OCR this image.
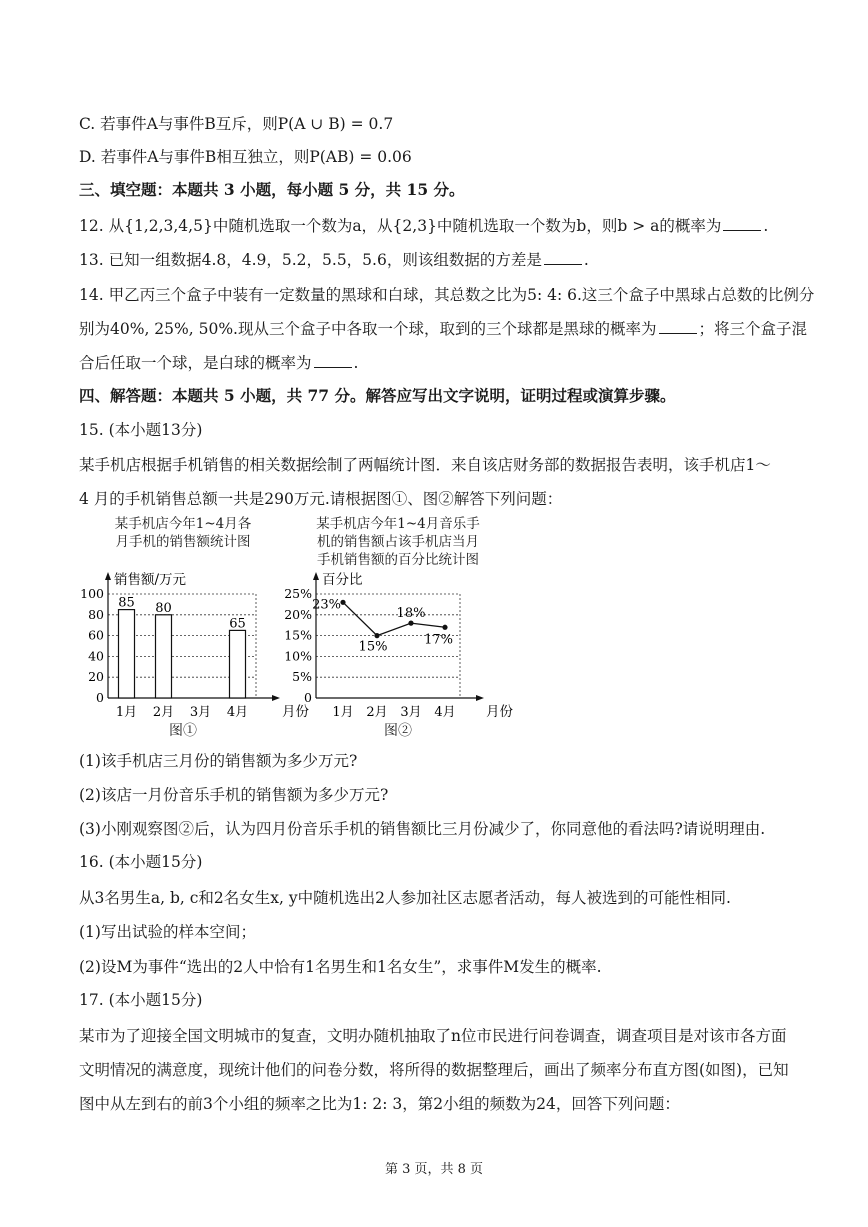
C. 若事件A与事件B互斥，则P(A ∪ B) = 0.7
D. 若事件A与事件B相互独立，则P(AB) = 0.06
三、填空题：本题共 3 小题，每小题 5 分，共 15 分。
12. 从{1,2,3,4,5}中随机选取一个数为a，从{2,3}中随机选取一个数为b，则b > a的概率为	.
13. 已知一组数据4.8，4.9，5.2，5.5，5.6，则该组数据的方差是	.
14. 甲乙丙三个盒子中装有一定数量的黑球和白球，其总数之比为5: 4: 6.这三个盒子中黑球占总数的比例分
别为40%, 25%, 50%.现从三个盒子中各取一个球，取到的三个球都是黑球的概率为	；将三个盒子混
合后任取一个球，是白球的概率为	.
四、解答题：本题共 5 小题，共 77 分。解答应写出文字说明，证明过程或演算步骤。
15. (本小题13分)
某手机店根据手机销售的相关数据绘制了两幅统计图．来自该店财务部的数据报告表明，该手机店1～
4 月的手机销售总额一共是290万元.请根据图①、图②解答下列问题：
某手机店今年1~4月各
月手机的销售额统计图
某手机店今年1~4月音乐手
机的销售额占该手机店当月
手机销售额的百分比统计图
0
20
40
60
80
100
销售额/万元
月份
1月 2月 3月 4月
85 80
65
0
5%
10%
15%
20%
25%
百分比
月份
1月 2月 3月 4月
23%
15%
18%
17%
(1)该手机店三月份的销售额为多少万元?
(2)该店一月份音乐手机的销售额为多少万元?
(3)小刚观察图②后，认为四月份音乐手机的销售额比三月份减少了，你同意他的看法吗?请说明理由.
16. (本小题15分)
从3名男生a, b, c和2名女生x, y中随机选出2人参加社区志愿者活动，每人被选到的可能性相同.
(1)写出试验的样本空间；
(2)设M为事件“选出的2人中恰有1名男生和1名女生”，求事件M发生的概率.
17. (本小题15分)
某市为了迎接全国文明城市的复查，文明办随机抽取了n位市民进行问卷调查，调查项目是对该市各方面
文明情况的满意度，现统计他们的问卷分数，将所得的数据整理后，画出了频率分布直方图(如图)，已知
图中从左到右的前3个小组的频率之比为1: 2: 3，第2小组的频数为24，回答下列问题：
第 3 页，共 8 页
图①	图②
